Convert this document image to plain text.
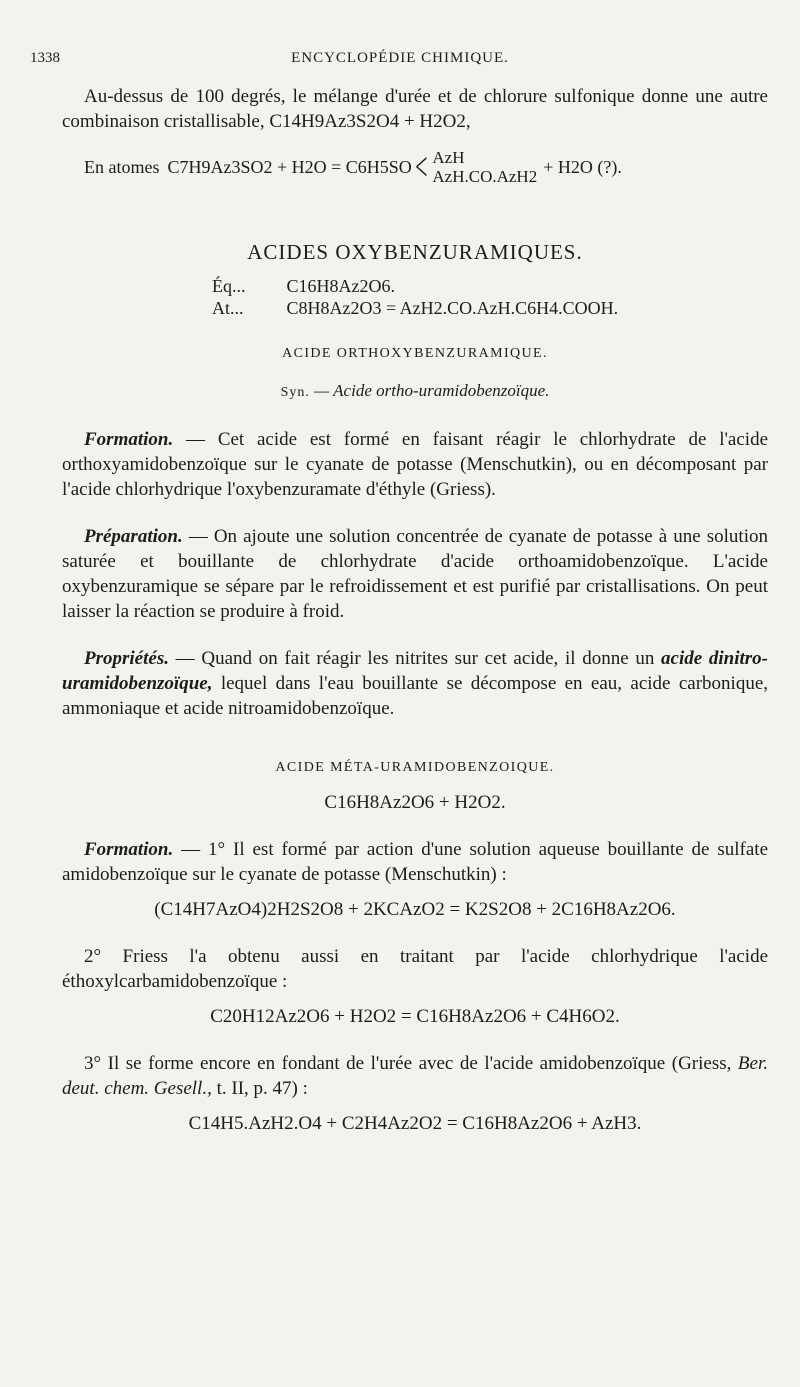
1338	ENCYCLOPÉDIE CHIMIQUE.

Au-dessus de 100 degrés, le mélange d'urée et de chlorure sulfonique donne une autre combinaison cristallisable, C14H9Az3S2O4 + H2O2,

En atomes C7H9Az3SO2 + H2O = C6H5SO < AzH
AzH.CO.AzH2 + H2O (?).
ACIDES OXYBENZURAMIQUES.
Éq... C16H8Az2O6.
At... C8H8Az2O3 = AzH2.CO.AzH.C6H4.COOH.
ACIDE ORTHOXYBENZURAMIQUE.
Syn. — Acide ortho-uramidobenzoïque.

Formation. — Cet acide est formé en faisant réagir le chlorhydrate de l'acide orthoxyamidobenzoïque sur le cyanate de potasse (Menschutkin), ou en décomposant par l'acide chlorhydrique l'oxybenzuramate d'éthyle (Griess).

Préparation. — On ajoute une solution concentrée de cyanate de potasse à une solution saturée et bouillante de chlorhydrate d'acide orthoamidobenzoïque. L'acide oxybenzuramique se sépare par le refroidissement et est purifié par cristallisations. On peut laisser la réaction se produire à froid.

Propriétés. — Quand on fait réagir les nitrites sur cet acide, il donne un acide dinitro-uramidobenzoïque, lequel dans l'eau bouillante se décompose en eau, acide carbonique, ammoniaque et acide nitroamidobenzoïque.

ACIDE MÉTA-URAMIDOBENZOIQUE.
C16H8Az2O6 + H2O2.

Formation. — 1° Il est formé par action d'une solution aqueuse bouillante de sulfate amidobenzoïque sur le cyanate de potasse (Menschutkin) :

(C14H7AzO4)2H2S2O8 + 2KCAzO2 = K2S2O8 + 2C16H8Az2O6.

2° Friess l'a obtenu aussi en traitant par l'acide chlorhydrique l'acide éthoxylcarbamidobenzoïque :

C20H12Az2O6 + H2O2 = C16H8Az2O6 + C4H6O2.

3° Il se forme encore en fondant de l'urée avec de l'acide amidobenzoïque (Griess, Ber. deut. chem. Gesell., t. II, p. 47) :

C14H5.AzH2.O4 + C2H4Az2O2 = C16H8Az2O6 + AzH3.
